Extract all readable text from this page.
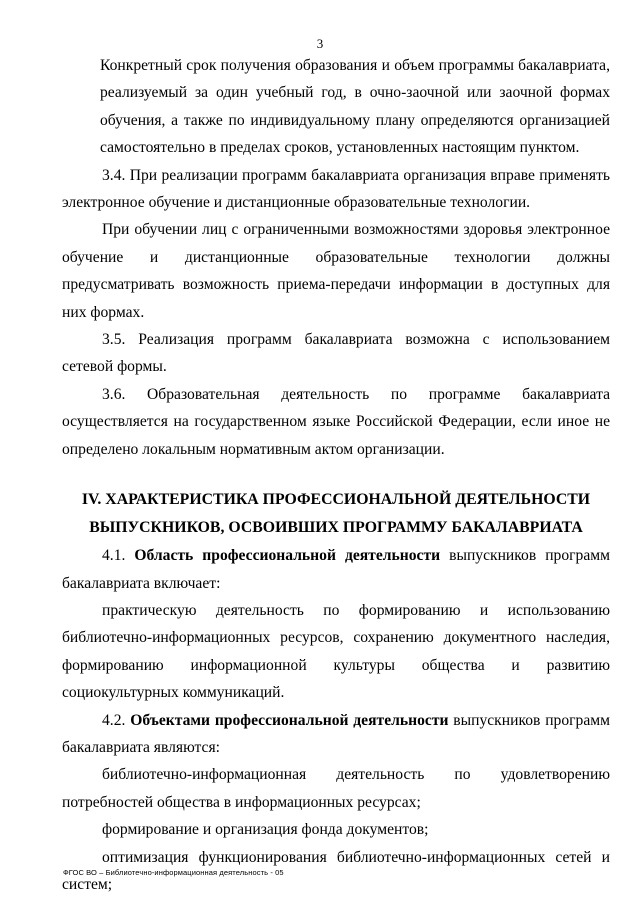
3

Конкретный срок получения образования и объем программы бакалавриата, реализуемый за один учебный год, в очно-заочной или заочной формах обучения, а также по индивидуальному плану определяются организацией самостоятельно в пределах сроков, установленных настоящим пунктом.

3.4. При реализации программ бакалавриата организация вправе применять электронное обучение и дистанционные образовательные технологии.

При обучении лиц с ограниченными возможностями здоровья электронное обучение и дистанционные образовательные технологии должны предусматривать возможность приема-передачи информации в доступных для них формах.

3.5. Реализация программ бакалавриата возможна с использованием сетевой формы.

3.6. Образовательная деятельность по программе бакалавриата осуществляется на государственном языке Российской Федерации, если иное не определено локальным нормативным актом организации.

IV. ХАРАКТЕРИСТИКА ПРОФЕССИОНАЛЬНОЙ ДЕЯТЕЛЬНОСТИ
ВЫПУСКНИКОВ, ОСВОИВШИХ ПРОГРАММУ БАКАЛАВРИАТА

4.1. Область профессиональной деятельности выпускников программ бакалавриата включает:

практическую деятельность по формированию и использованию библиотечно-информационных ресурсов, сохранению документного наследия, формированию информационной культуры общества и развитию социокультурных коммуникаций.

4.2. Объектами профессиональной деятельности выпускников программ бакалавриата являются:

библиотечно-информационная деятельность по удовлетворению потребностей общества в информационных ресурсах;

формирование и организация фонда документов;

оптимизация функционирования библиотечно-информационных сетей и систем;

ФГОС ВО – Библиотечно-информационная деятельность - 05
